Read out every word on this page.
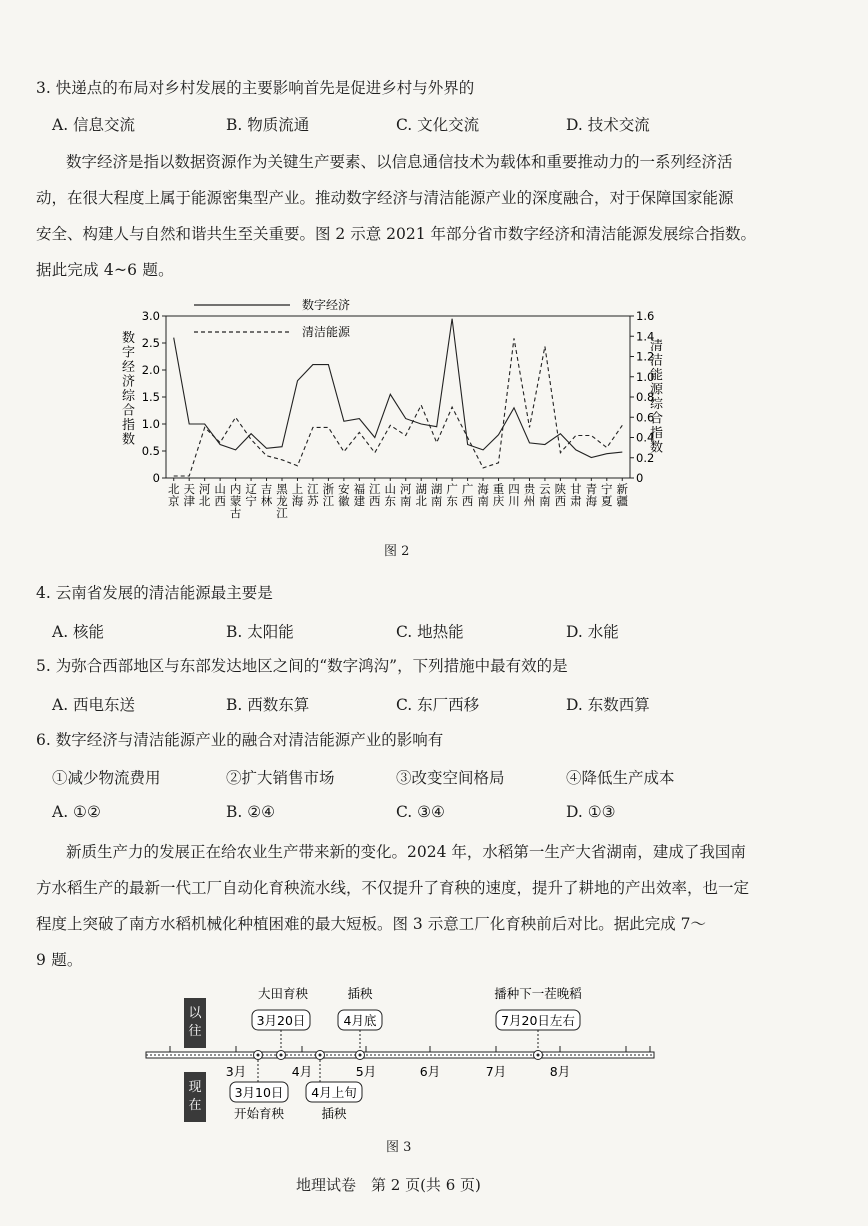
3. 快递点的布局对乡村发展的主要影响首先是促进乡村与外界的
A. 信息交流	B. 物质流通	C. 文化交流	D. 技术交流
数字经济是指以数据资源作为关键生产要素、以信息通信技术为载体和重要推动力的一系列经济活
动，在很大程度上属于能源密集型产业。推动数字经济与清洁能源产业的深度融合，对于保障国家能源
安全、构建人与自然和谐共生至关重要。图 2 示意 2021 年部分省市数字经济和清洁能源发展综合指数。
据此完成 4~6 题。
数字经济
清洁能源
数字经济综合指数
清洁能源综合指数
0
0.5
1.0
1.5
2.0
2.5
3.0
0
0.2
0.4
0.6
0.8
1.0
1.2
1.4
1.6
北京
天津
河北
山西
内蒙古
辽宁
吉林
黑龙江
上海
江苏
浙江
安徽
福建
江西
山东
河南
湖北
湖南
广东
广西
海南
重庆
四川
贵州
云南
陕西
甘肃
青海
宁夏
新疆
图 2
4. 云南省发展的清洁能源最主要是
A. 核能	B. 太阳能	C. 地热能	D. 水能
5. 为弥合西部地区与东部发达地区之间的“数字鸿沟”，下列措施中最有效的是
A. 西电东送	B. 西数东算	C. 东厂西移	D. 东数西算
6. 数字经济与清洁能源产业的融合对清洁能源产业的影响有
①减少物流费用	②扩大销售市场	③改变空间格局	④降低生产成本
A. ①②	B. ②④	C. ③④	D. ①③
新质生产力的发展正在给农业生产带来新的变化。2024 年，水稻第一生产大省湖南，建成了我国南
方水稻生产的最新一代工厂自动化育秧流水线，不仅提升了育秧的速度，提升了耕地的产出效率，也一定
程度上突破了南方水稻机械化种植困难的最大短板。图 3 示意工厂化育秧前后对比。据此完成 7～
9 题。
以
往
现
在
3月	4月	5月	6月	7月	8月
大田育秧
3月20日
插秧
4月底
播种下一茬晚稻
7月20日左右
3月10日
开始育秧
4月上旬
插秧
图 3
地理试卷　第 2 页(共 6 页)
